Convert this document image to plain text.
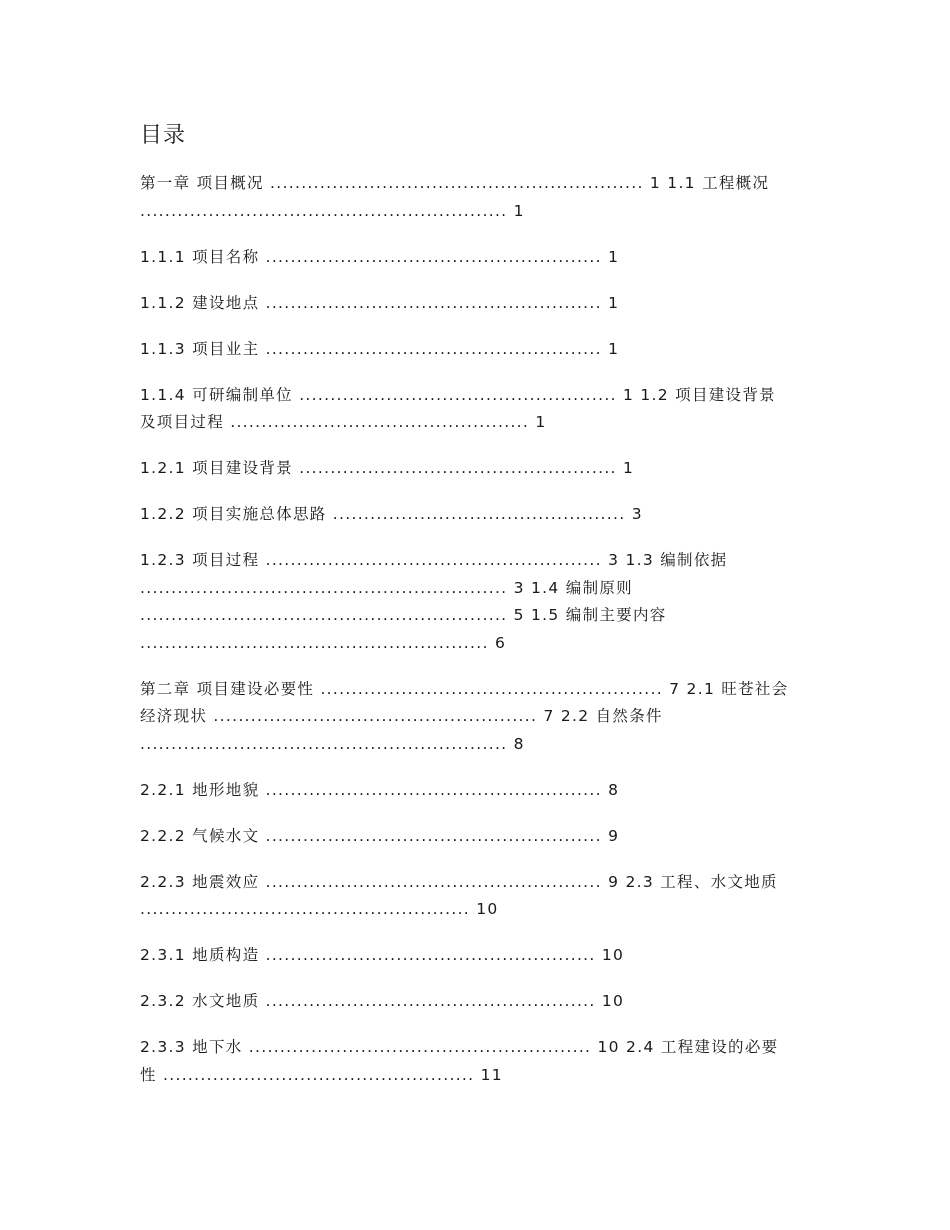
目录

第一章 项目概况 ............................................................ 1 1.1 工程概况

........................................................... 1

1.1.1 项目名称 ...................................................... 1

1.1.2 建设地点 ...................................................... 1

1.1.3 项目业主 ...................................................... 1

1.1.4 可研编制单位 ................................................... 1 1.2 项目建设背景

及项目过程 ................................................ 1

1.2.1 项目建设背景 ................................................... 1

1.2.2 项目实施总体思路 ............................................... 3

1.2.3 项目过程 ...................................................... 3 1.3 编制依据

........................................................... 3 1.4 编制原则

........................................................... 5 1.5 编制主要内容

........................................................ 6

第二章 项目建设必要性 ....................................................... 7 2.1 旺苍社会

经济现状 .................................................... 7 2.2 自然条件

........................................................... 8

2.2.1 地形地貌 ...................................................... 8

2.2.2 气候水文 ...................................................... 9

2.2.3 地震效应 ...................................................... 9 2.3 工程、水文地质

..................................................... 10

2.3.1 地质构造 ..................................................... 10

2.3.2 水文地质 ..................................................... 10

2.3.3 地下水 ....................................................... 10 2.4 工程建设的必要

性 .................................................. 11
